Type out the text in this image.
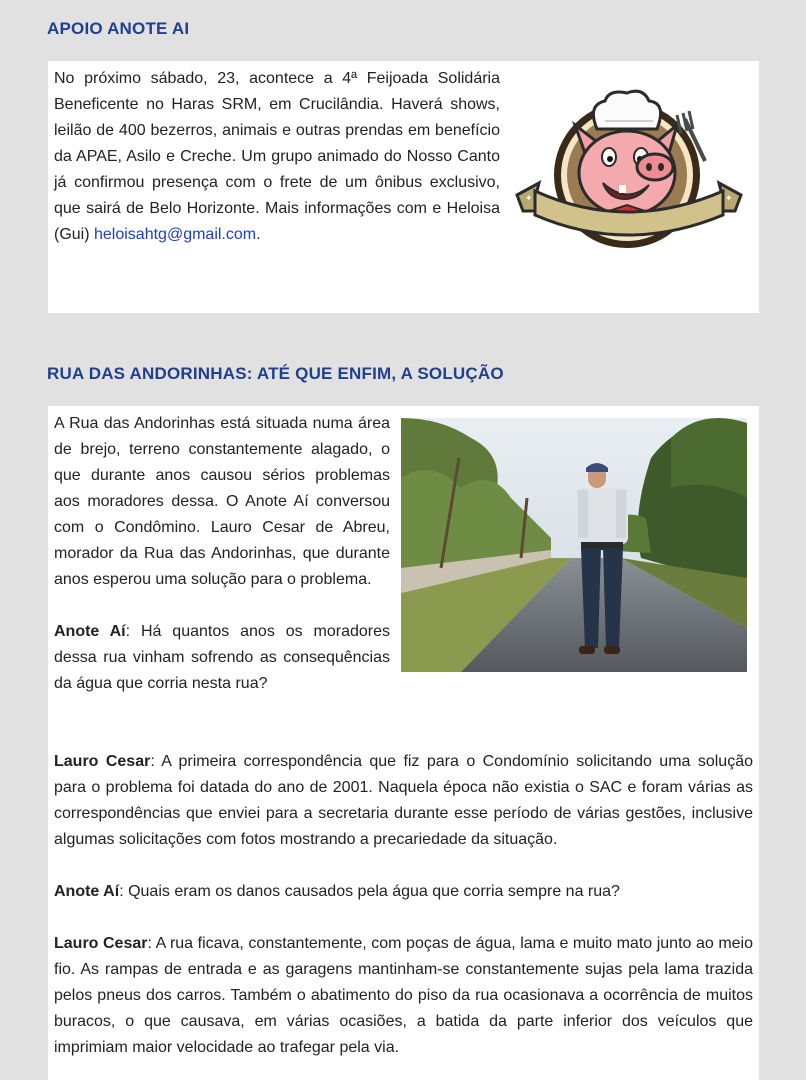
APOIO ANOTE AI

No próximo sábado, 23, acontece a 4ª Feijoada Solidária Beneficente no Haras SRM, em Crucilândia. Haverá shows, leilão de 400 bezerros, animais e outras prendas em benefício da APAE, Asilo e Creche. Um grupo animado do Nosso Canto já confirmou presença com o frete de um ônibus exclusivo, que sairá de Belo Horizonte. Mais informações com e Heloisa (Gui) heloisahtg@gmail.com.

✦	✦
RUA DAS ANDORINHAS: ATÉ QUE ENFIM, A SOLUÇÃO

A Rua das Andorinhas está situada numa área de brejo, terreno constantemente alagado, o que durante anos causou sérios problemas aos moradores dessa. O Anote Aí conversou com o Condômino. Lauro Cesar de Abreu, morador da Rua das Andorinhas, que durante anos esperou uma solução para o problema.

Anote Aí: Há quantos anos os moradores dessa rua vinham sofrendo as consequências da água que corria nesta rua?

Lauro Cesar: A primeira correspondência que fiz para o Condomínio solicitando uma solução para o problema foi datada do ano de 2001. Naquela época não existia o SAC e foram várias as correspondências que enviei para a secretaria durante esse período de várias gestões, inclusive algumas solicitações com fotos mostrando a precariedade da situação.

Anote Aí: Quais eram os danos causados pela água que corria sempre na rua?

Lauro Cesar: A rua ficava, constantemente, com poças de água, lama e muito mato junto ao meio fio. As rampas de entrada e as garagens mantinham-se constantemente sujas pela lama trazida pelos pneus dos carros. Também o abatimento do piso da rua ocasionava a ocorrência de muitos buracos, o que causava, em várias ocasiões, a batida da parte inferior dos veículos que imprimiam maior velocidade ao trafegar pela via.
